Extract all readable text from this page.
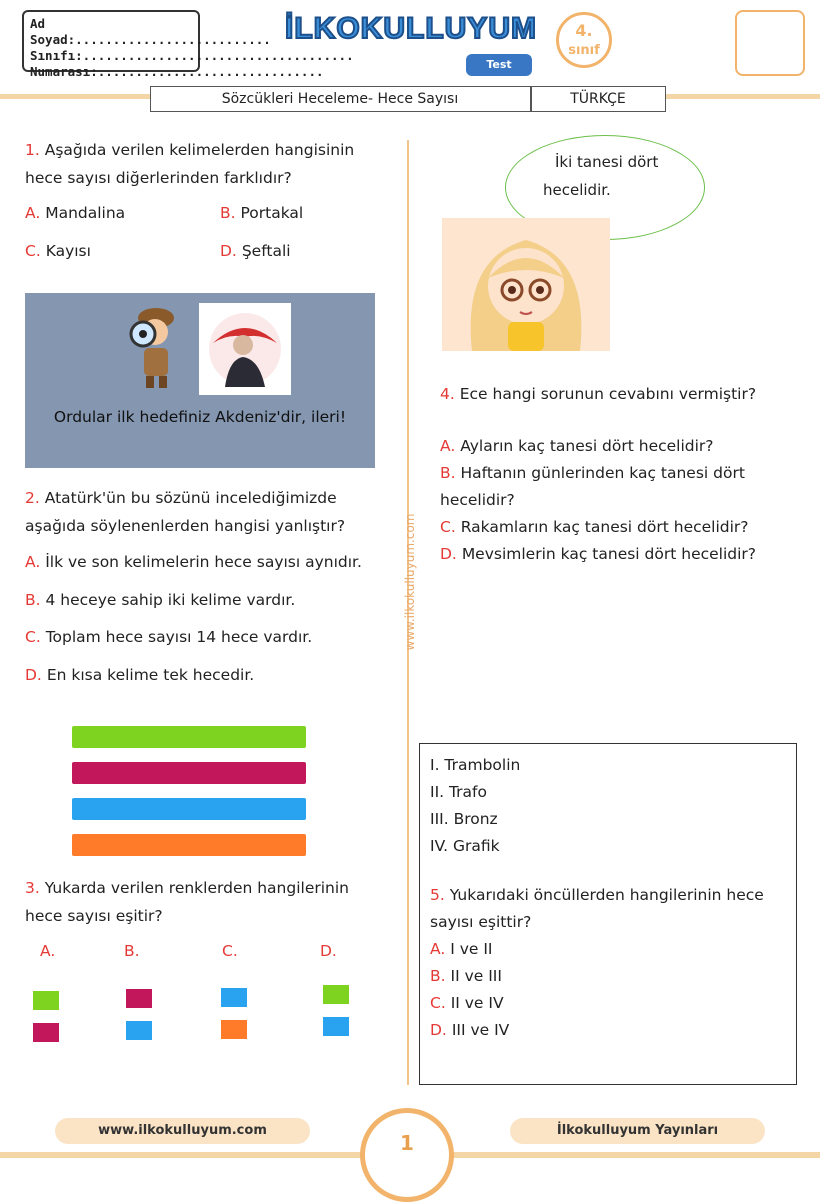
Ad Soyad:..........................
Sınıfı:....................................
Numarası:..............................
İLKOKULLUYUM
Test
4.
sınıf
Sözcükleri Heceleme- Hece Sayısı	TÜRKÇE
www.ilkokulluyum.com
1. Aşağıda verilen kelimelerden hangisinin
hece sayısı diğerlerinden farklıdır?
A. Mandalina	B. Portakal
C. Kayısı	D. Şeftali
Ordular ilk hedefiniz Akdeniz'dir, ileri!
2. Atatürk'ün bu sözünü incelediğimizde
aşağıda söylenenlerden hangisi yanlıştır?
A. İlk ve son kelimelerin hece sayısı aynıdır.
B. 4 heceye sahip iki kelime vardır.
C. Toplam hece sayısı 14 hece vardır.
D. En kısa kelime tek hecedir.
3. Yukarda verilen renklerden hangilerinin
hece sayısı eşitir?
A.	B.	C.	D.
İki tanesi dört
hecelidir.
4. Ece hangi sorunun cevabını vermiştir?
A. Ayların kaç tanesi dört hecelidir?
B. Haftanın günlerinden kaç tanesi dört
hecelidir?
C. Rakamların kaç tanesi dört hecelidir?
D. Mevsimlerin kaç tanesi dört hecelidir?
I. Trambolin
II. Trafo
III. Bronz
IV. Grafik
5. Yukarıdaki öncüllerden hangilerinin hece
sayısı eşittir?
A. I ve II
B. II ve III
C. II ve IV
D. III ve IV
www.ilkokulluyum.com	İlkokulluyum Yayınları
1
